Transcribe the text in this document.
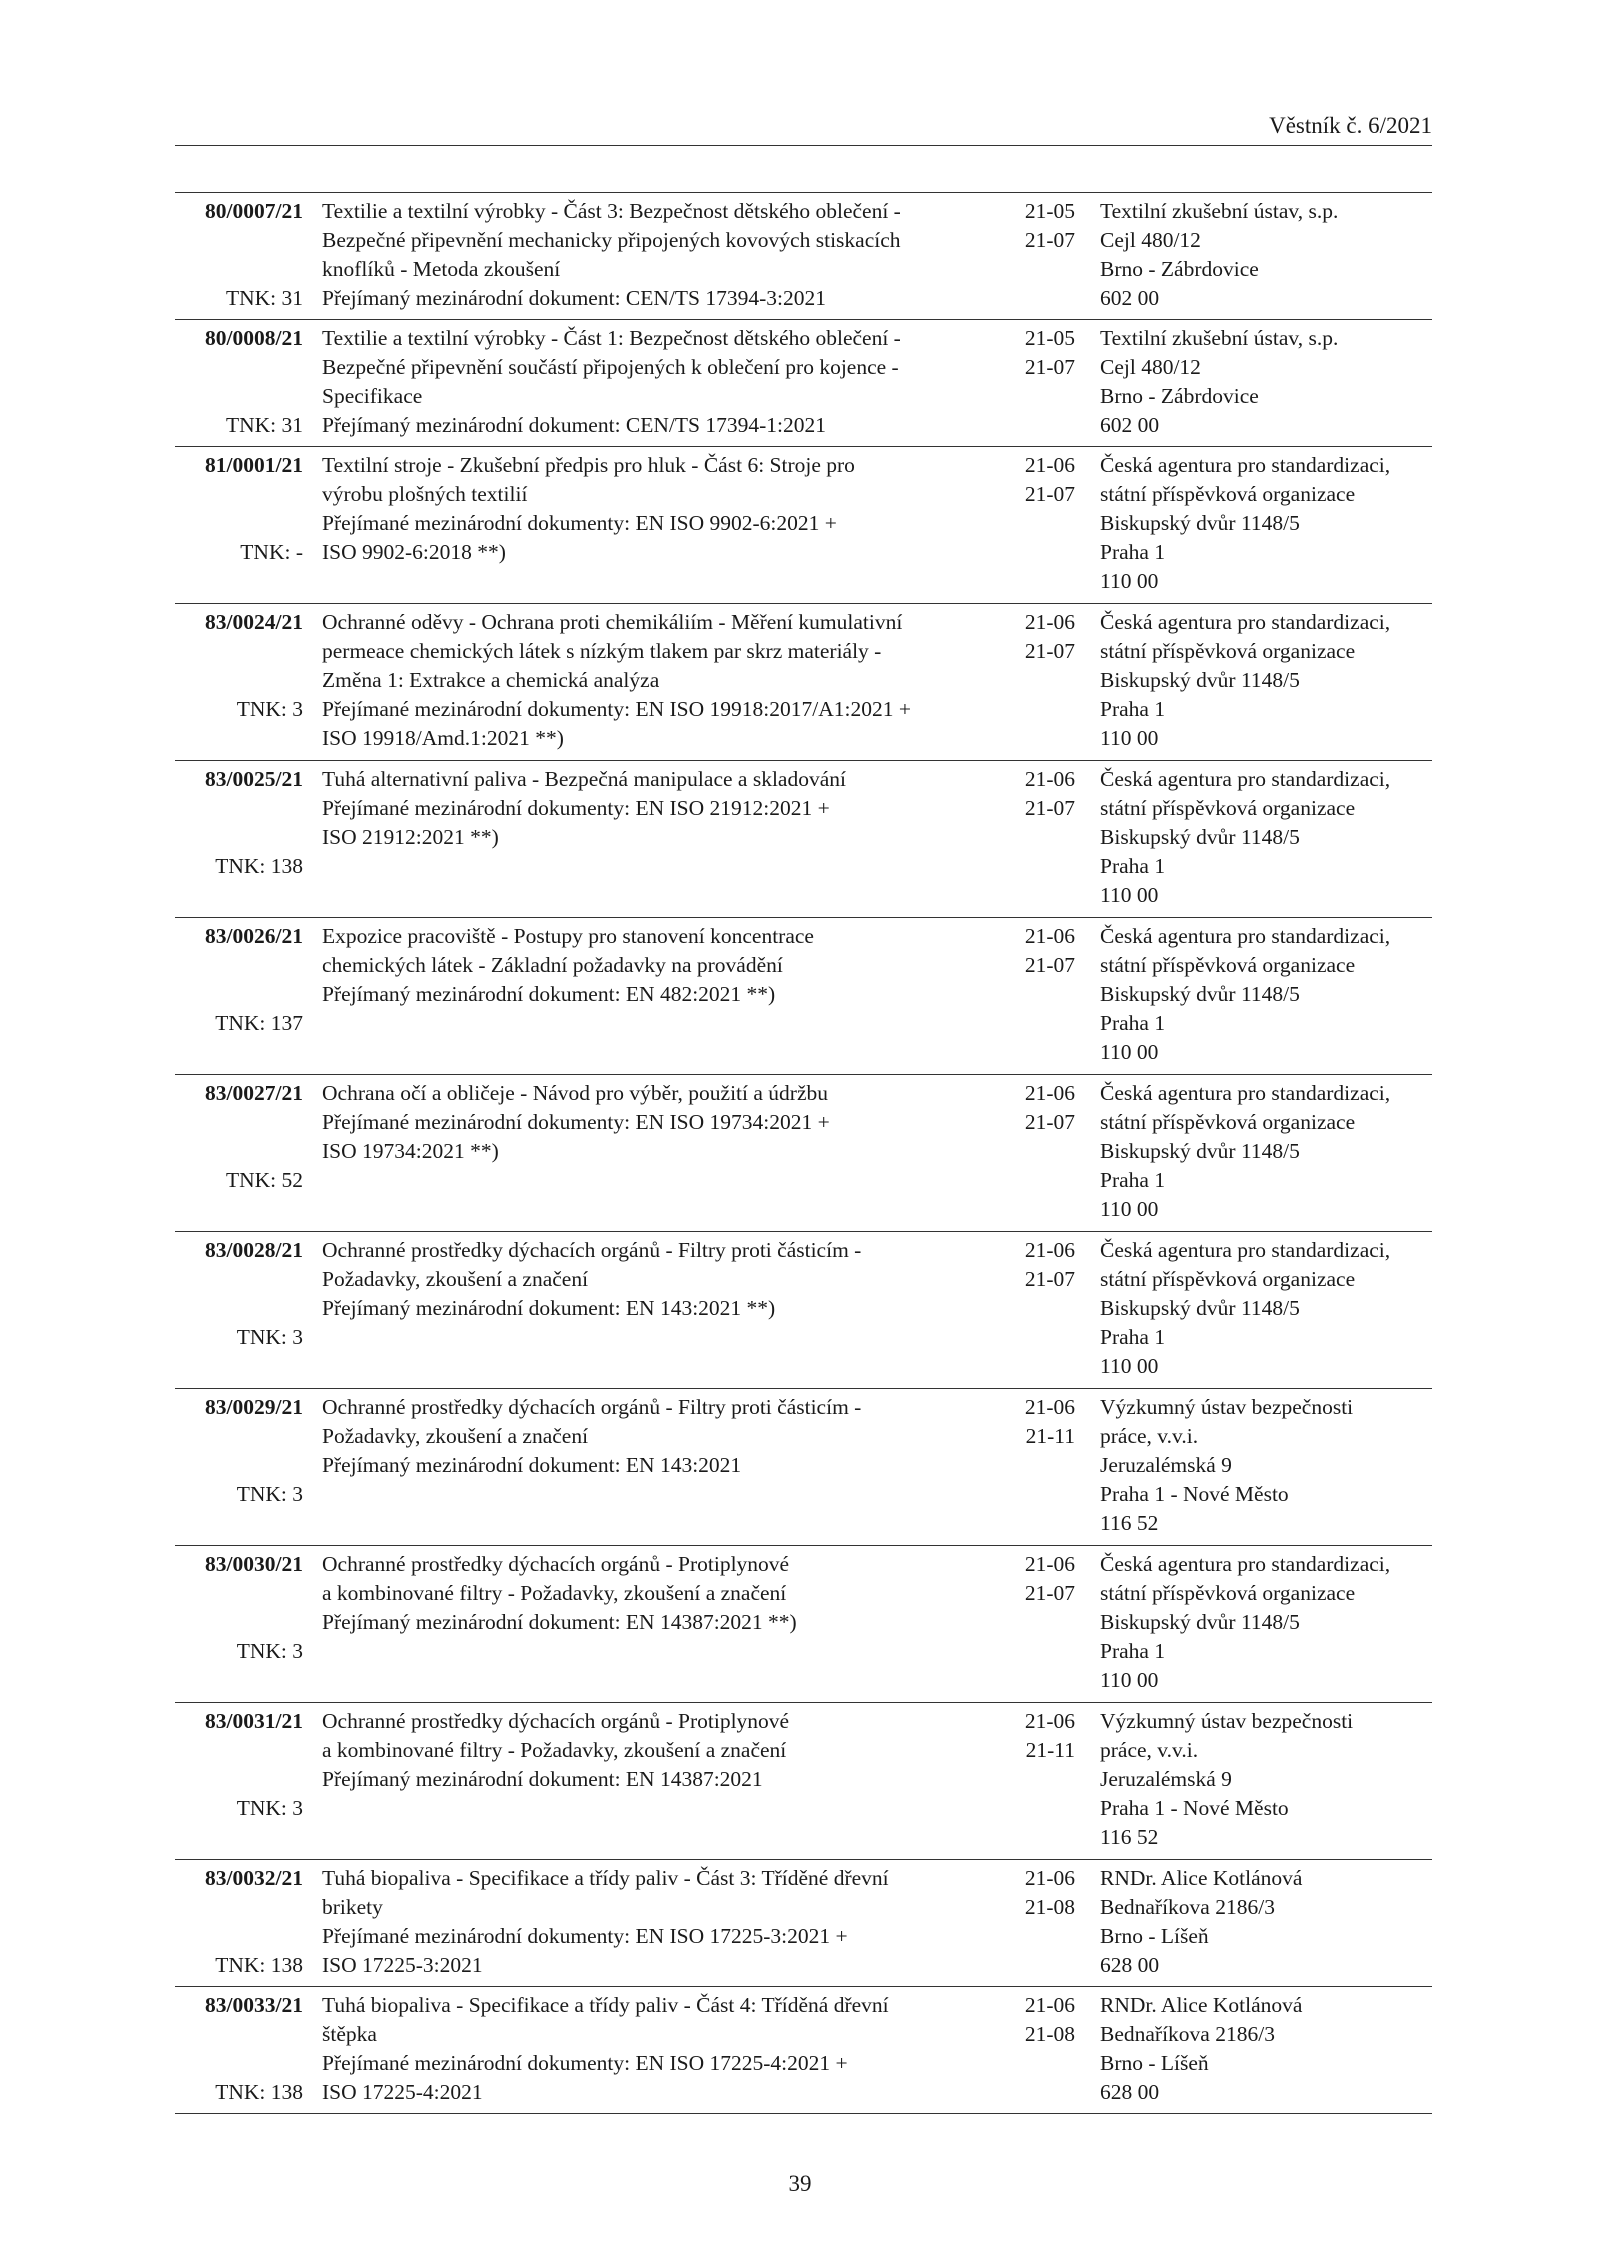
Věstník č. 6/2021
80/0007/21
TNK: 31
Textilie a textilní výrobky - Část 3: Bezpečnost dětského oblečení -
Bezpečné připevnění mechanicky připojených kovových stiskacích
knoflíků - Metoda zkoušení
Přejímaný mezinárodní dokument: CEN/TS 17394-3:2021
21-05
21-07
Textilní zkušební ústav, s.p.
Cejl 480/12
Brno - Zábrdovice
602 00
80/0008/21
TNK: 31
Textilie a textilní výrobky - Část 1: Bezpečnost dětského oblečení -
Bezpečné připevnění součástí připojených k oblečení pro kojence -
Specifikace
Přejímaný mezinárodní dokument: CEN/TS 17394-1:2021
21-05
21-07
Textilní zkušební ústav, s.p.
Cejl 480/12
Brno - Zábrdovice
602 00
81/0001/21
TNK: -
Textilní stroje - Zkušební předpis pro hluk - Část 6: Stroje pro
výrobu plošných textilií
Přejímané mezinárodní dokumenty: EN ISO 9902-6:2021 +
ISO 9902-6:2018 **)
21-06
21-07
Česká agentura pro standardizaci,
státní příspěvková organizace
Biskupský dvůr 1148/5
Praha 1
110 00
83/0024/21
TNK: 3
Ochranné oděvy - Ochrana proti chemikáliím - Měření kumulativní
permeace chemických látek s nízkým tlakem par skrz materiály -
Změna 1: Extrakce a chemická analýza
Přejímané mezinárodní dokumenty: EN ISO 19918:2017/A1:2021 +
ISO 19918/Amd.1:2021 **)
21-06
21-07
Česká agentura pro standardizaci,
státní příspěvková organizace
Biskupský dvůr 1148/5
Praha 1
110 00
83/0025/21
TNK: 138
Tuhá alternativní paliva - Bezpečná manipulace a skladování
Přejímané mezinárodní dokumenty: EN ISO 21912:2021 +
ISO 21912:2021 **)
21-06
21-07
Česká agentura pro standardizaci,
státní příspěvková organizace
Biskupský dvůr 1148/5
Praha 1
110 00
83/0026/21
TNK: 137
Expozice pracoviště - Postupy pro stanovení koncentrace
chemických látek - Základní požadavky na provádění
Přejímaný mezinárodní dokument: EN 482:2021 **)
21-06
21-07
Česká agentura pro standardizaci,
státní příspěvková organizace
Biskupský dvůr 1148/5
Praha 1
110 00
83/0027/21
TNK: 52
Ochrana očí a obličeje - Návod pro výběr, použití a údržbu
Přejímané mezinárodní dokumenty: EN ISO 19734:2021 +
ISO 19734:2021 **)
21-06
21-07
Česká agentura pro standardizaci,
státní příspěvková organizace
Biskupský dvůr 1148/5
Praha 1
110 00
83/0028/21
TNK: 3
Ochranné prostředky dýchacích orgánů - Filtry proti částicím -
Požadavky, zkoušení a značení
Přejímaný mezinárodní dokument: EN 143:2021 **)
21-06
21-07
Česká agentura pro standardizaci,
státní příspěvková organizace
Biskupský dvůr 1148/5
Praha 1
110 00
83/0029/21
TNK: 3
Ochranné prostředky dýchacích orgánů - Filtry proti částicím -
Požadavky, zkoušení a značení
Přejímaný mezinárodní dokument: EN 143:2021
21-06
21-11
Výzkumný ústav bezpečnosti
práce, v.v.i.
Jeruzalémská 9
Praha 1 - Nové Město
116 52
83/0030/21
TNK: 3
Ochranné prostředky dýchacích orgánů - Protiplynové
a kombinované filtry - Požadavky, zkoušení a značení
Přejímaný mezinárodní dokument: EN 14387:2021 **)
21-06
21-07
Česká agentura pro standardizaci,
státní příspěvková organizace
Biskupský dvůr 1148/5
Praha 1
110 00
83/0031/21
TNK: 3
Ochranné prostředky dýchacích orgánů - Protiplynové
a kombinované filtry - Požadavky, zkoušení a značení
Přejímaný mezinárodní dokument: EN 14387:2021
21-06
21-11
Výzkumný ústav bezpečnosti
práce, v.v.i.
Jeruzalémská 9
Praha 1 - Nové Město
116 52
83/0032/21
TNK: 138
Tuhá biopaliva - Specifikace a třídy paliv - Část 3: Tříděné dřevní
brikety
Přejímané mezinárodní dokumenty: EN ISO 17225-3:2021 +
ISO 17225-3:2021
21-06
21-08
RNDr. Alice Kotlánová
Bednaříkova 2186/3
Brno - Líšeň
628 00
83/0033/21
TNK: 138
Tuhá biopaliva - Specifikace a třídy paliv - Část 4: Tříděná dřevní
štěpka
Přejímané mezinárodní dokumenty: EN ISO 17225-4:2021 +
ISO 17225-4:2021
21-06
21-08
RNDr. Alice Kotlánová
Bednaříkova 2186/3
Brno - Líšeň
628 00
39
